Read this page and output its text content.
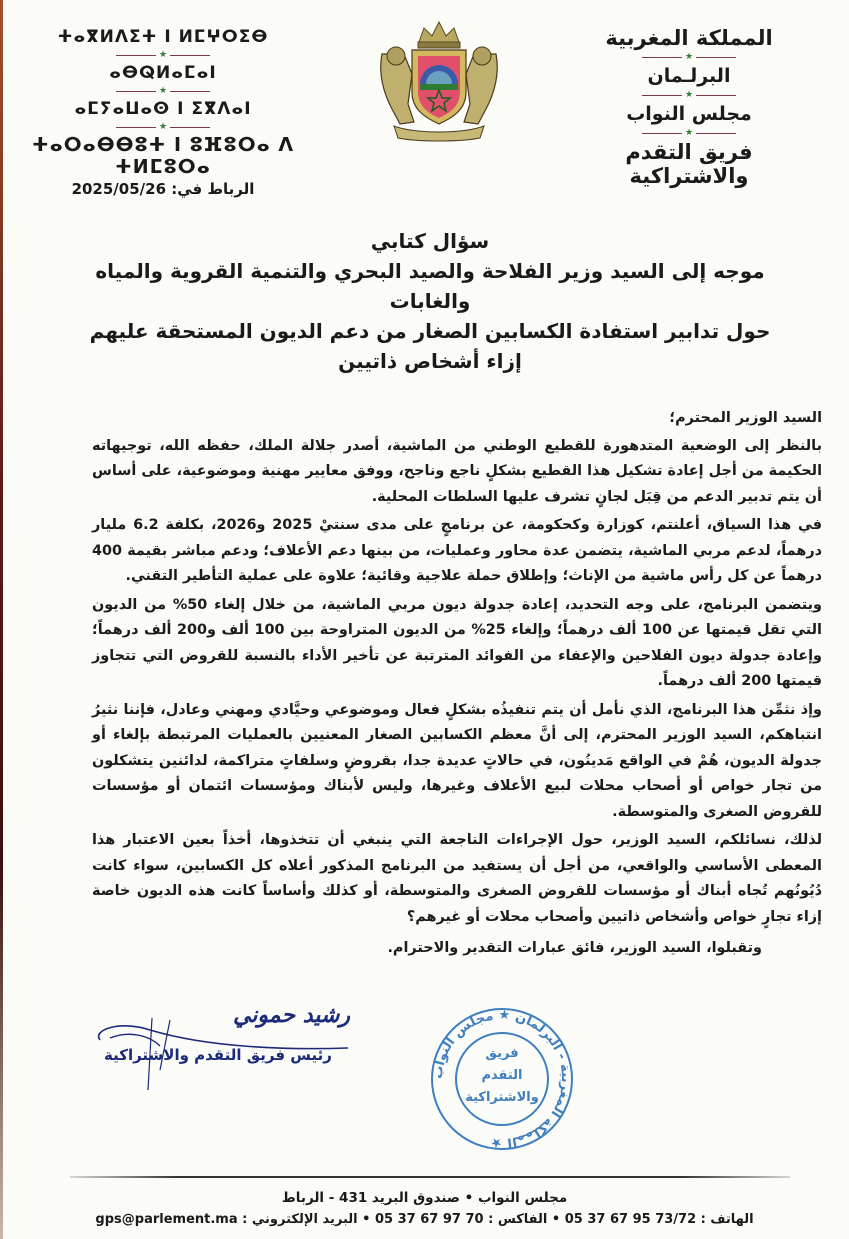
المملكة المغربية
★
البرلـمان
★
مجلس النواب
★
فريق التقدم والاشتراكية
ⵜⴰⴳⵍⴷⵉⵜ ⵏ ⵍⵎⵖⵔⵉⴱ
★
ⴰⴱⵕⵍⴰⵎⴰⵏ
★
ⴰⵎⵢⴰⵡⴰⵙ ⵏ ⵉⴳⴷⴰⵏ
★
ⵜⴰⵔⴰⴱⴱⵓⵜ ⵏ ⵓⴼⵓⵔⴰ ⴷ ⵜⵍⵎⵓⵔⴰ
الرباط في: 2025/05/26
سؤال كتابي
موجه إلى السيد وزير الفلاحة والصيد البحري والتنمية القروية والمياه والغابات
حول تدابير استفادة الكسابين الصغار من دعم الديون المستحقة عليهم
إزاء أشخاص ذاتيين

السيد الوزير المحترم؛

بالنظر إلى الوضعية المتدهورة للقطيع الوطني من الماشية، أصدر جلالة الملك، حفظه الله، توجيهاته الحكيمة من أجل إعادة تشكيل هذا القطيع بشكلٍ ناجع وناجح، ووفق معايير مهنية وموضوعية، على أساس أن يتم تدبير الدعم من قِبَل لجانٍ تشرف عليها السلطات المحلية.

في هذا السياق، أعلنتم، كوزارة وكحكومة، عن برنامجٍ على مدى سنتيْ 2025 و2026، بكلفة 6.2 مليار درهماً، لدعم مربي الماشية، يتضمن عدة محاور وعمليات، من بينها دعم الأعلاف؛ ودعم مباشر بقيمة 400 درهماً عن كل رأس ماشية من الإناث؛ وإطلاق حملة علاجية وقائية؛ علاوة على عملية التأطير التقني.

ويتضمن البرنامج، على وجه التحديد، إعادة جدولة ديون مربي الماشية، من خلال إلغاء 50% من الديون التي تقل قيمتها عن 100 ألف درهماً؛ وإلغاء 25% من الديون المتراوحة بين 100 ألف و200 ألف درهماً؛ وإعادة جدولة ديون الفلاحين والإعفاء من الفوائد المترتبة عن تأخير الأداء بالنسبة للقروض التي تتجاوز قيمتها 200 ألف درهماً.

وإذ نثمِّن هذا البرنامج، الذي نأمل أن يتم تنفيذُه بشكلٍ فعال وموضوعي وحيَّادي ومهني وعادل، فإننا نثيرُ انتباهكم، السيد الوزير المحترم، إلى أنَّ معظم الكسابين الصغار المعنيين بالعمليات المرتبطة بإلغاء أو جدولة الديون، هُمْ في الواقع مَدينُون، في حالاتٍ عديدة جدا، بقروضٍ وسلفاتٍ متراكمة، لدائنين يتشكلون من تجار خواص أو أصحاب محلات لبيع الأعلاف وغيرها، وليس لأبناك ومؤسسات ائتمان أو مؤسسات للقروض الصغرى والمتوسطة.

لذلك، نسائلكم، السيد الوزير، حول الإجراءات الناجعة التي ينبغي أن تتخذوها، أخذاً بعين الاعتبار هذا المعطى الأساسي والواقعي، من أجل أن يستفيد من البرنامج المذكور أعلاه كل الكسابين، سواء كانت دُيُونُهم تُجاه أبناك أو مؤسسات للقروض الصغرى والمتوسطة، أو كذلك وأساساً كانت هذه الديون خاصة إزاء تجارٍ خواص وأشخاص ذاتيين وأصحاب محلات أو غيرهم؟

وتقبلوا، السيد الوزير، فائق عبارات التقدير والاحترام.

رشيد حموني
رئيس فريق التقدم والاشتراكية
المملكة المغربية - البرلمان ★ مجلس النواب ★
فريق
التقدم
والاشتراكية
مجلس النواب • صندوق البريد 431 - الرباط
الهاتف : 73/72 95 67 37 05 • الفاكس : 70 97 67 37 05 • البريد الإلكتروني : gps@parlement.ma
